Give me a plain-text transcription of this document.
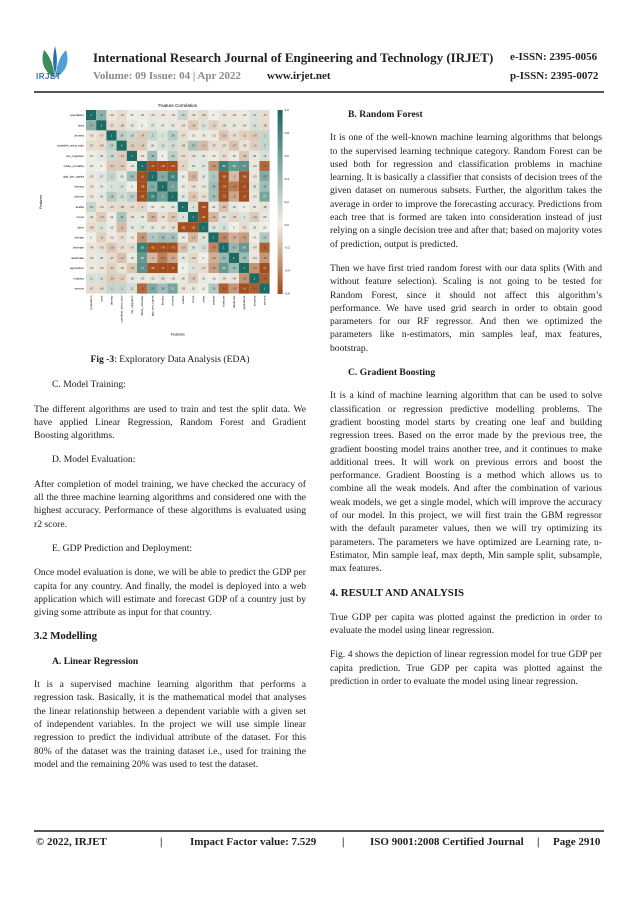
IRJET
International Research Journal of Engineering and Technology (IRJET)
Volume: 09 Issue: 04 | Apr 2022 www.irjet.net
e-ISSN: 2395-0056
p-ISSN: 2395-0072
Feature Correlation
1	.47 -.03 -.07 .01	.02 -.03 -.03 -.03 .19 -.04 -.08	0	-.04 -.03 -.02 .11 -.07
population
population
.47	1	-.07 -.08 .05	0	.07	.04	.06 -.04 -.14 .11 -.11 -.06 .05 -.04 .12 -.08
area
area
-.03 -.07	1	.24	.18 -.14	.2	.1	.28 -.07 .02	.03 -.02 -.16 -.07 -.11 -.14	.2
density
density
-.07 -.08 .24	1	-.13 -.14 .05	.12	.15 -.08 .33	-.2 -.07 -.07 -.17 -.05 -.12	.2
coastline_area_ratio
coastline_area_ratio
.01	.05	.18 -.13	1	-.03 .38	0	.24 -.07 -.05 .06 -.01 -.07 .03 -.15 .05	.12
net_migration
net_migration
.02	0	-.14 -.14 -.03	1	-.6 -.76 -.67 -.1	.05	.07 -.33 .85	.66	.71 -.03 -.5
infant_mortality
infant_mortality
-.03 .07	.2	.05	.38	-.6	1	.51	.83	.02 -.22 .05	.3	-.65 -.2 -.59 -.03 .53
gdp_per_capita
gdp_per_capita
-.03 .04	.1	.12	0	-.76 .51	1	.6	.03 -.06 -.03 .38 -.79 -.42 -.6	.08	.38
literacy
literacy
-.03 .06	.28	.15	.24 -.67 .83	.6	1	.06 -.15 -.06 .36 -.72 -.27 -.6 -.03 .57
phones
phones
.19 -.04 -.07 -.08 -.07 -.1	.02	.03	.06	1	.1	-.85 .04 -.18 .05	0	.05 -.05
arable
arable
-.04 -.14 .02	.33 -.05 .05 -.22 -.06 -.15	.1	1	-.61 -.21 .09 -.09	.1	-.14 .05
crops
crops
-.08 .11	.03	-.2	.06	.07	.05 -.03 -.06 -.85 -.61	1	.08	.12	0	-.07 .03	.01
other
other
0	-.11 -.02 -.07 -.01 -.33	.3	.38	.36	.04 -.21 .08	1	-.39 -.24 -.31 -.01 .29
climate
climate
-.04 -.06 -.16 -.07 -.07 .85 -.65 -.79 -.72 -.18 .09	.12 -.39	1	.42	.65 -.04 -.53
birthrate
birthrate
-.03 .05 -.07 -.17 .03	.66	-.2 -.42 -.27 .05 -.09	0	-.24 .42	1	.39 -.04 -.33
deathrate
deathrate
-.02 -.04 -.11 -.05 -.15 .71 -.59 -.6	-.6	0	.1	-.07 -.31 .65	.39	1	-.34 -.6
agriculture
agriculture
.11	.12 -.14 -.12 .05 -.03 -.03 .08 -.03 .05 -.14 .03 -.01 -.04 -.04 -.34	1	-.54
industry
industry
-.07 -.08	.2	.2	.12	-.5	.53	.38	.57 -.05 .05	.01	.29 -.53 -.33 -.6 -.54	1
service
service
Features
Features
1.0
0.8
0.6
0.4
0.2
0.0
-0.2
-0.4
-0.6
Fig -3: Exploratory Data Analysis (EDA)
C. Model Training:

The different algorithms are used to train and test the split data. We have applied Linear Regression, Random Forest and Gradient Boosting algorithms.

D. Model Evaluation:

After completion of model training, we have checked the accuracy of all the three machine learning algorithms and considered one with the highest accuracy. Performance of these algorithms is evaluated using r2 score.

E. GDP Prediction and Deployment:

Once model evaluation is done, we will be able to predict the GDP per capita for any country. And finally, the model is deployed into a web application which will estimate and forecast GDP of a country just by giving some attribute as input for that country.

3.2 Modelling
A. Linear Regression

It is a supervised machine learning algorithm that performs a regression task. Basically, it is the mathematical model that analyses the linear relationship between a dependent variable with a given set of independent variables. In the project we will use simple linear regression to predict the individual attribute of the dataset. For this 80% of the dataset was the training dataset i.e., used for training the model and the remaining 20% was used to test the dataset.

B. Random Forest

It is one of the well-known machine learning algorithms that belongs to the supervised learning technique category. Random Forest can be used both for regression and classification problems in machine learning. It is basically a classifier that consists of decision trees of the given dataset on numerous subsets. Further, the algorithm takes the average in order to improve the forecasting accuracy. Predictions from each tree that is formed are taken into consideration instead of just relying on a single decision tree and after that; based on majority votes of prediction, output is predicted.

Then we have first tried random forest with our data splits (With and without feature selection). Scaling is not going to be tested for Random Forest, since it should not affect this algorithm’s performance. We have used grid search in order to obtain good parameters for our RF regressor. And then we optimized the parameters like n-estimators, min samples leaf, max features, bootstrap.

C. Gradient Boosting

It is a kind of machine learning algorithm that can be used to solve classification or regression predictive modelling problems. The gradient boosting model starts by creating one leaf and building regression trees. Based on the error made by the previous tree, the gradient boosting model trains another tree, and it continues to make additional trees. It will work on previous errors and boost the performance. Gradient Boosting is a method which allows us to combine all the weak models. And after the combination of various weak models, we get a single model, which will improve the accuracy of our model. In this project, we will first train the GBM regressor with the default parameter values, then we will try optimizing its parameters. The parameters we have optimized are Learning rate, n-Estimator, Min sample leaf, max depth, Min sample split, subsample, max features.

4. RESULT AND ANALYSIS

True GDP per capita was plotted against the prediction in order to evaluate the model using linear regression.

Fig. 4 shows the depiction of linear regression model for true GDP per capita prediction. True GDP per capita was plotted against the prediction in order to evaluate the model using linear regression.

© 2022, IRJET	|	Impact Factor value: 7.529 | ISO 9001:2008 Certified Journal | Page 2910
